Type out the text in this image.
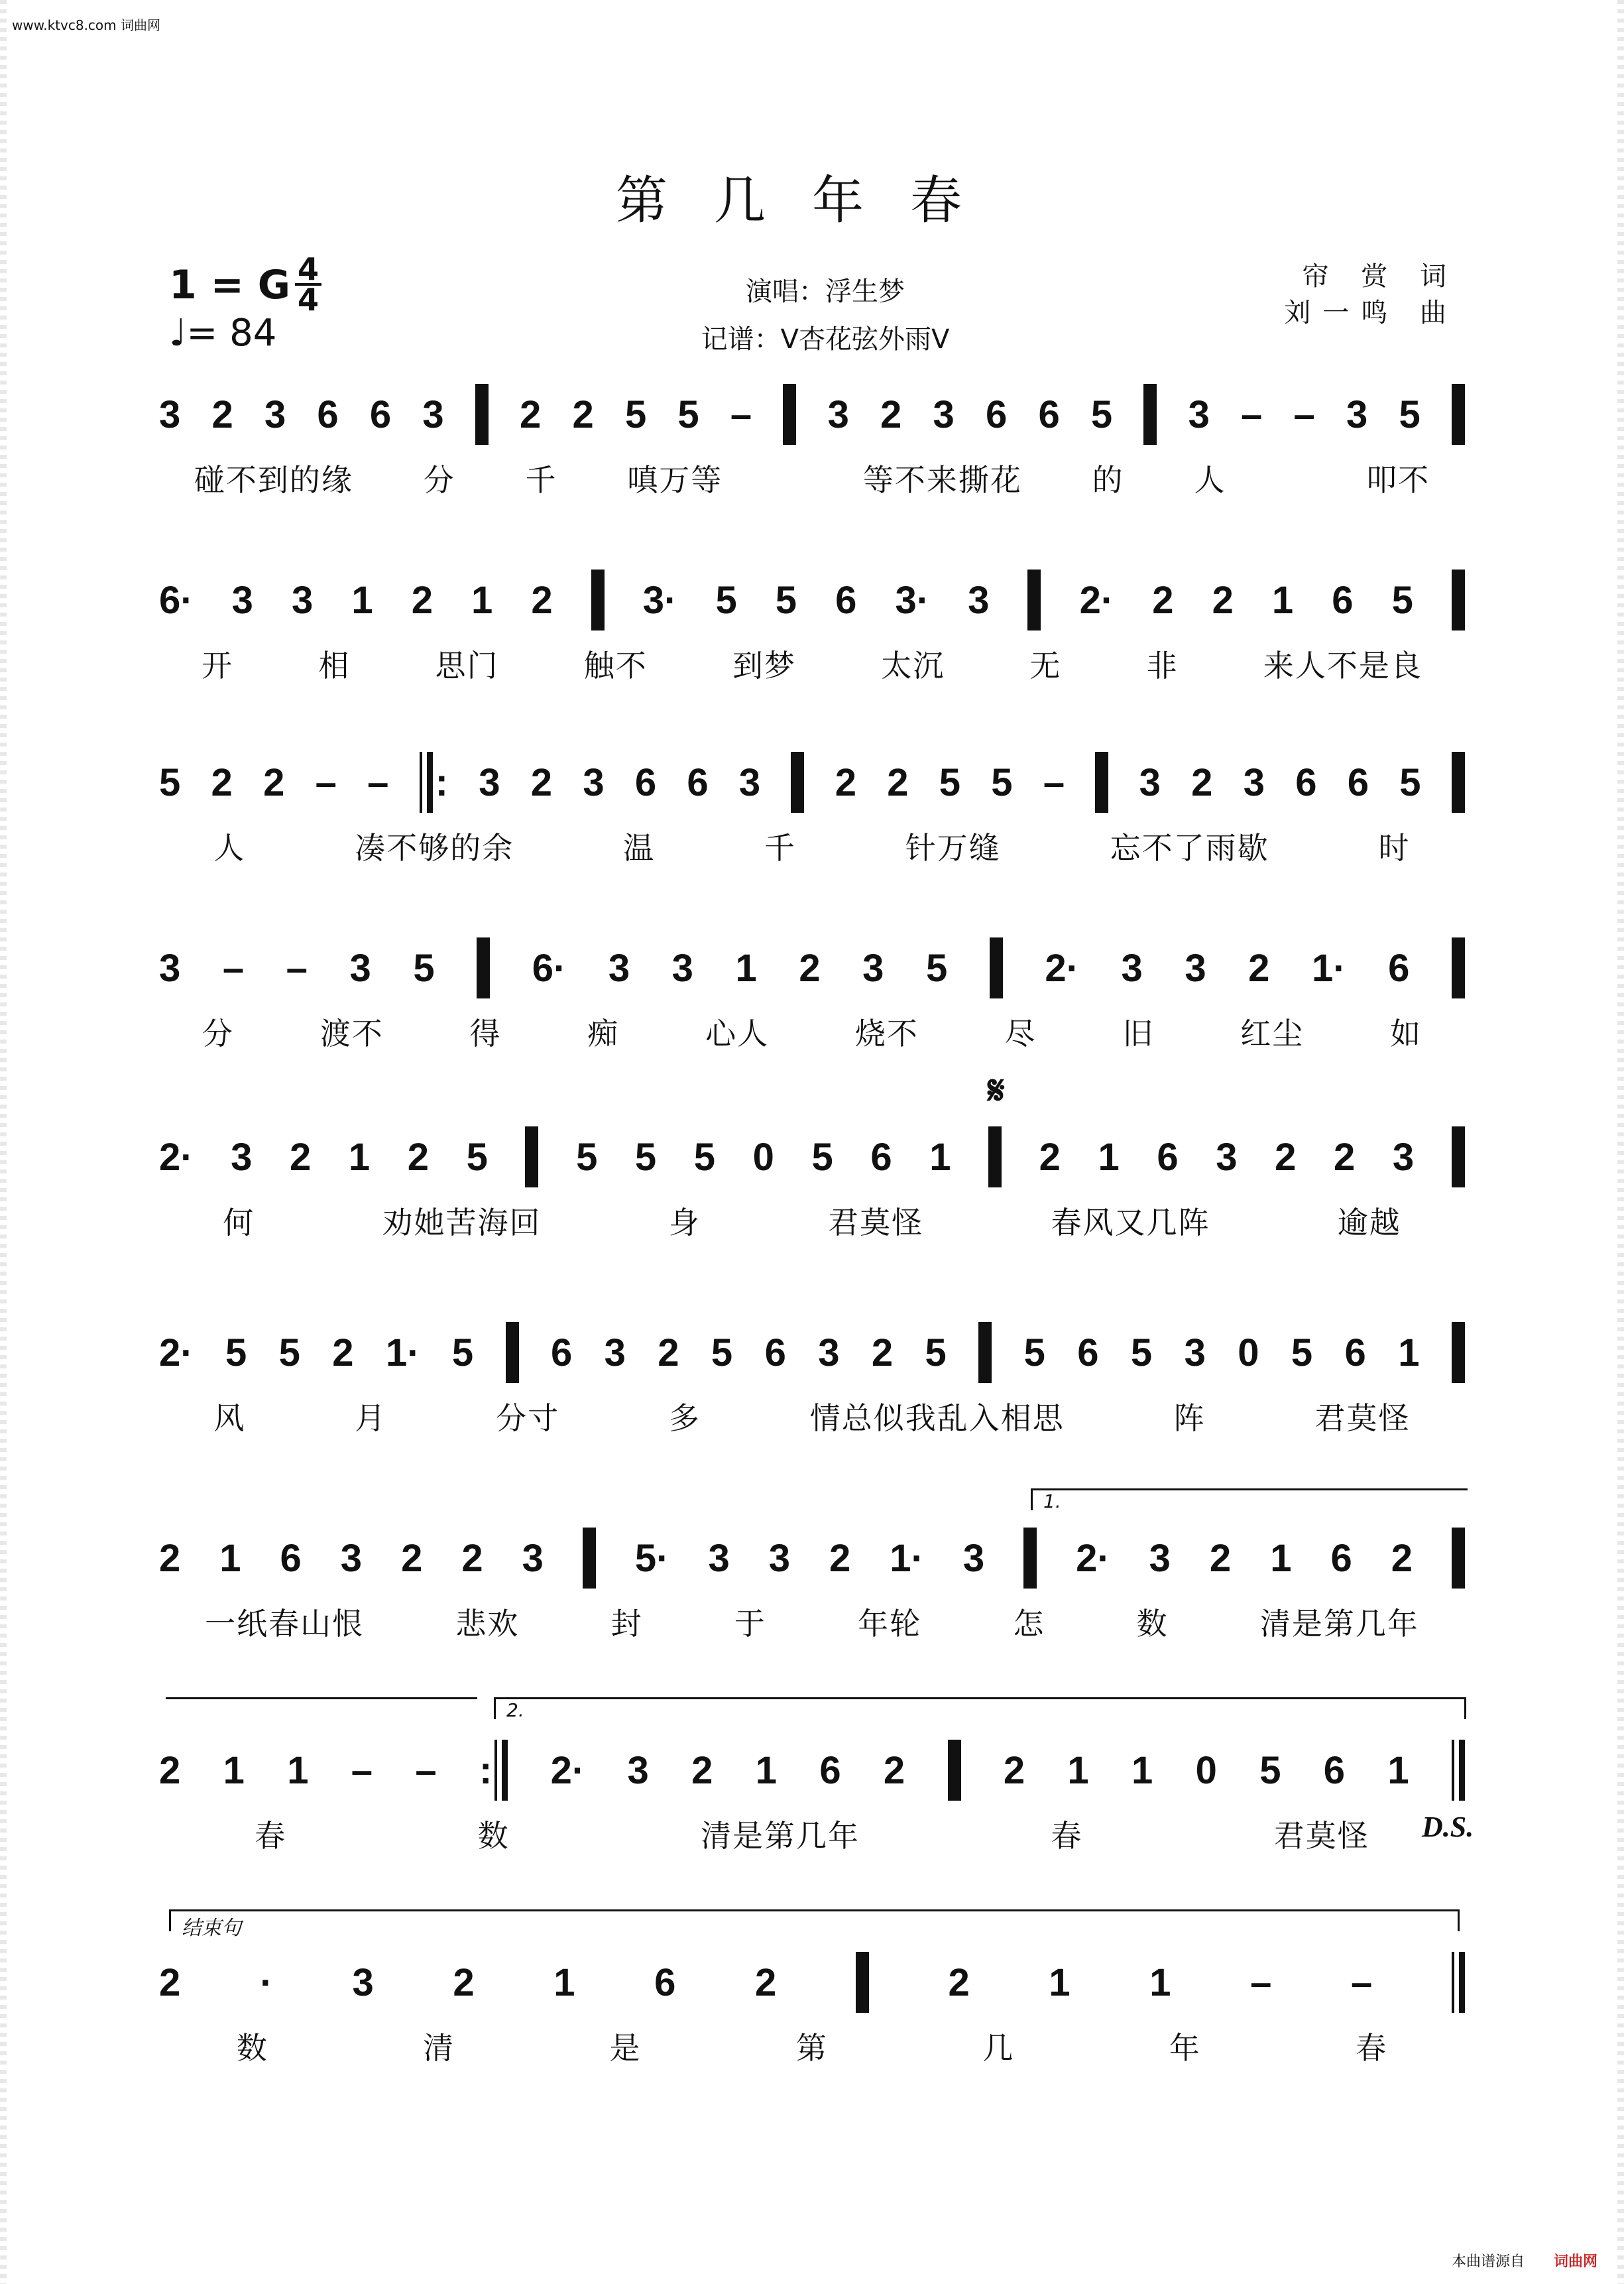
www.ktvc8.com 词曲网
第几年春
1 = G $\frac{4}{4}$
♩= 84
演唱：浮生梦
记谱：V杏花弦外雨V
帘 赏 词
刘一鸣 曲
3 2 3 6 6 3 2 2 5 5 – 3 2 3 6 6 5 3 – – 3 5
碰不到的缘 分 千 嗔万等	等不来撕花 的 人	叩不
6· 3 3 1 2 1 2 3· 5 5 6 3· 3 2· 2 2 1 6 5
开	相	思门	触不	到梦	太沉	无	非	来人不是良
5 2 2 – –	: 3 2 3 6 6 3 2 2 5 5 – 3 2 3 6 6 5
人	凑不够的余	温	千	针万缝	忘不了雨歇	时
3 – – 3 5	6· 3 3 1 2 3 5	2· 3 3 2 1· 6
分	渡不	得	痴	心人	烧不	尽	旧	红尘	如
𝄋
2· 3 2 1 2 5 5 5 5 0 5 6 1 2 1 6 3 2 2 3
何	劝她苦海回	身	君莫怪	春风又几阵	逾越
2· 5 5 2 1· 5 6 3 2 5 6 3 2 5 5 6 5 3 0 5 6 1
风	月	分寸	多	情总似我乱入相思	阵	君莫怪
1.
2 1 6 3 2 2 3 5· 3 3 2 1· 3 2· 3 2 1 6 2
一纸春山恨	悲欢	封	于	年轮	怎	数	清是第几年
2.
2 1 1 – – :	2· 3 2 1 6 2	2 1 1 0 5 6 1
春	数	清是第几年	春	君莫怪 D.S.
结束句
2 · 3 2 1 6 2	2 1 1 – –
数	清	是	第	几	年	春
本曲谱源自 词曲网
